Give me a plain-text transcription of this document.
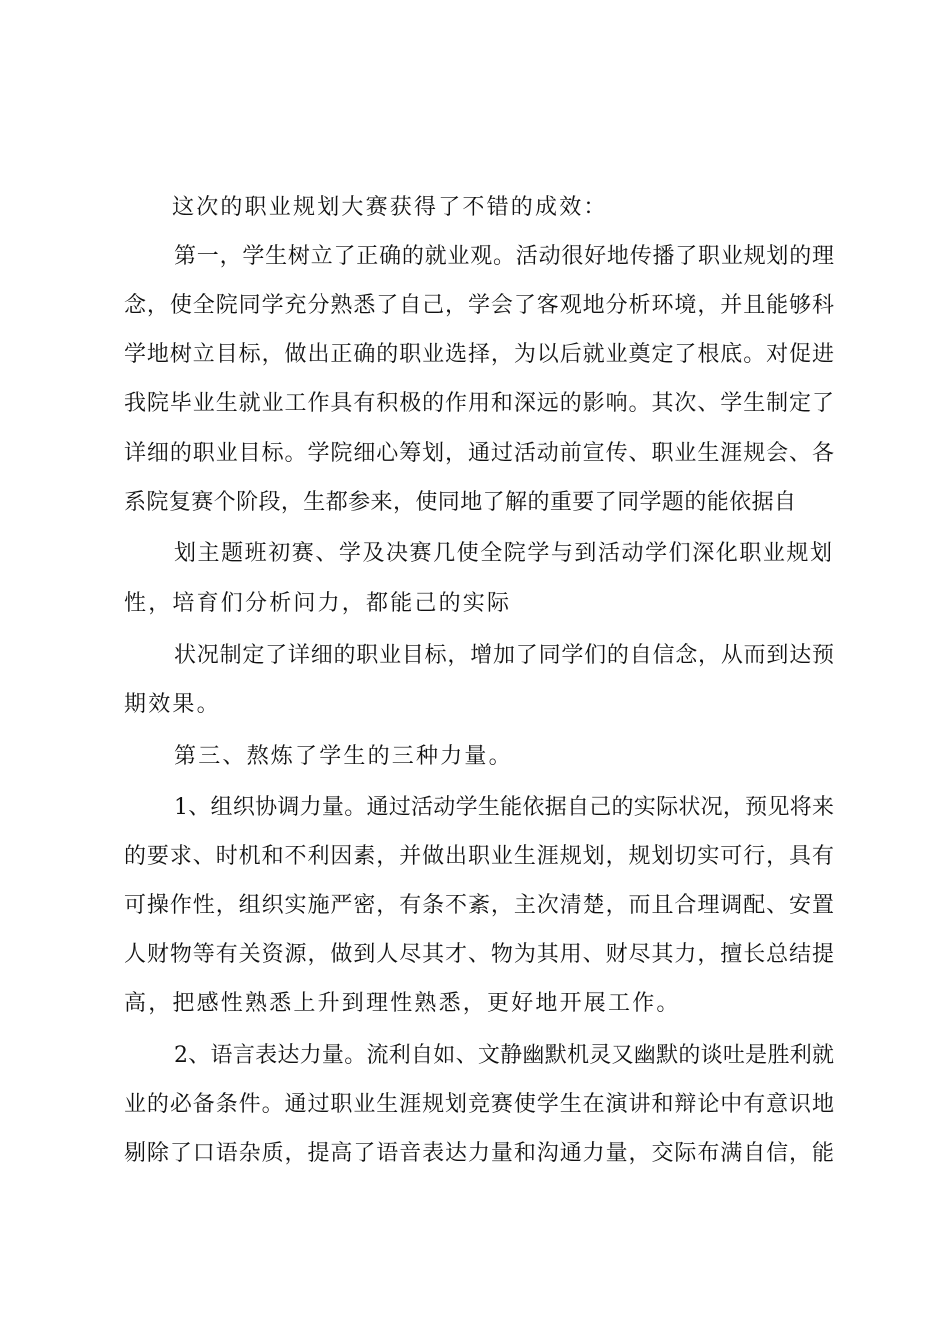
这次的职业规划大赛获得了不错的成效：
第一，学生树立了正确的就业观。活动很好地传播了职业规划的理
念，使全院同学充分熟悉了自己，学会了客观地分析环境，并且能够科
学地树立目标，做出正确的职业选择，为以后就业奠定了根底。对促进
我院毕业生就业工作具有积极的作用和深远的影响。其次、学生制定了
详细的职业目标。学院细心筹划，通过活动前宣传、职业生涯规会、各
系院复赛个阶段，生都参来，使同地了解的重要了同学题的能依据自
划主题班初赛、学及决赛几使全院学与到活动学们深化职业规划
性，培育们分析问力，都能己的实际
状况制定了详细的职业目标，增加了同学们的自信念，从而到达预
期效果。
第三、熬炼了学生的三种力量。
1、组织协调力量。通过活动学生能依据自己的实际状况，预见将来
的要求、时机和不利因素，并做出职业生涯规划，规划切实可行，具有
可操作性，组织实施严密，有条不紊，主次清楚，而且合理调配、安置
人财物等有关资源，做到人尽其才、物为其用、财尽其力，擅长总结提
高，把感性熟悉上升到理性熟悉，更好地开展工作。
2、语言表达力量。流利自如、文静幽默机灵又幽默的谈吐是胜利就
业的必备条件。通过职业生涯规划竞赛使学生在演讲和辩论中有意识地
剔除了口语杂质，提高了语音表达力量和沟通力量，交际布满自信，能
